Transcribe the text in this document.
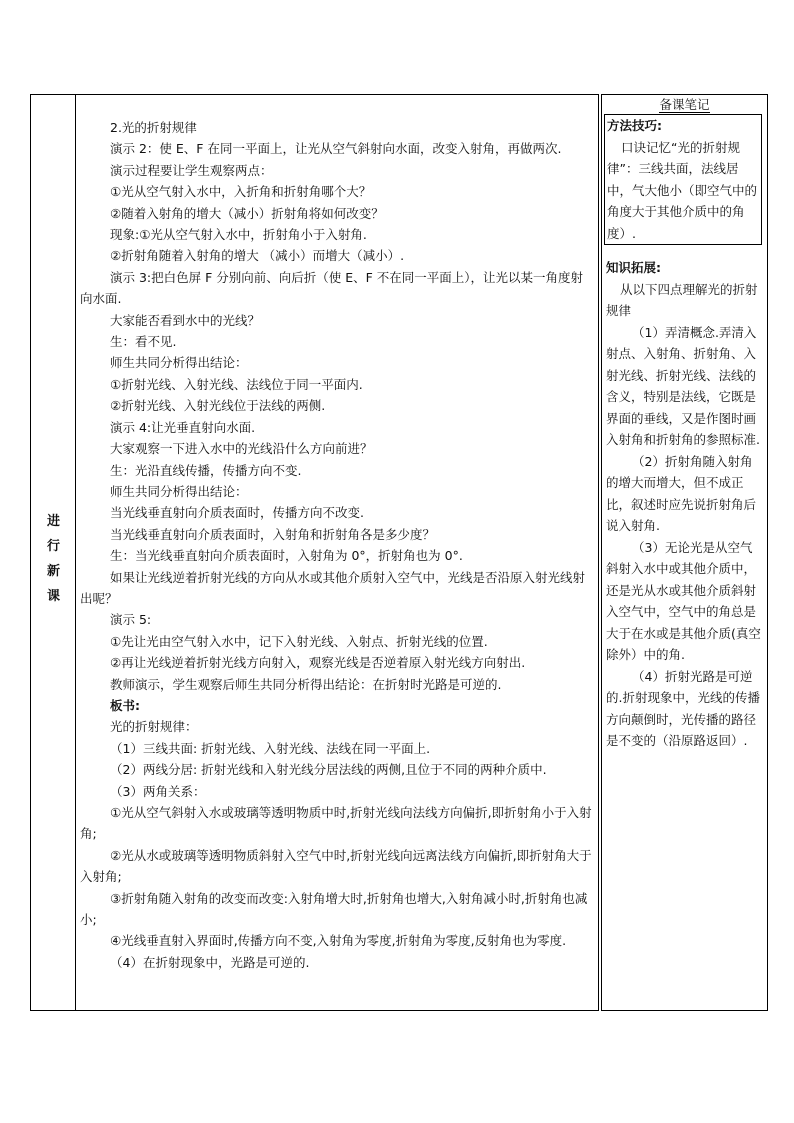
进
行
新
课

2.光的折射规律

演示 2：使 E、F 在同一平面上，让光从空气斜射向水面，改变入射角，再做两次.

演示过程要让学生观察两点：

①光从空气射入水中，入折角和折射角哪个大？

②随着入射角的增大（减小）折射角将如何改变？

现象:①光从空气射入水中，折射角小于入射角.

②折射角随着入射角的增大 （减小）而增大（减小）.

演示 3:把白色屏 F 分别向前、向后折（使 E、F 不在同一平面上），让光以某一角度射向水面.

大家能否看到水中的光线？

生：看不见.

师生共同分析得出结论：

①折射光线、入射光线、法线位于同一平面内.

②折射光线、入射光线位于法线的两侧.

演示 4:让光垂直射向水面.

大家观察一下进入水中的光线沿什么方向前进？

生：光沿直线传播，传播方向不变.

师生共同分析得出结论：

当光线垂直射向介质表面时，传播方向不改变.

当光线垂直射向介质表面时，入射角和折射角各是多少度？

生：当光线垂直射向介质表面时，入射角为 0°，折射角也为 0°.

如果让光线逆着折射光线的方向从水或其他介质射入空气中，光线是否沿原入射光线射出呢？

演示 5:

①先让光由空气射入水中，记下入射光线、入射点、折射光线的位置.

②再让光线逆着折射光线方向射入，观察光线是否逆着原入射光线方向射出.

教师演示，学生观察后师生共同分析得出结论：在折射时光路是可逆的.

板书:

光的折射规律：

（1）三线共面: 折射光线、入射光线、法线在同一平面上.

（2）两线分居: 折射光线和入射光线分居法线的两侧,且位于不同的两种介质中.

（3）两角关系：

①光从空气斜射入水或玻璃等透明物质中时,折射光线向法线方向偏折,即折射角小于入射角;

②光从水或玻璃等透明物质斜射入空气中时,折射光线向远离法线方向偏折,即折射角大于入射角;

③折射角随入射角的改变而改变:入射角增大时,折射角也增大,入射角减小时,折射角也减小;

④光线垂直射入界面时,传播方向不变,入射角为零度,折射角为零度,反射角也为零度.

（4）在折射现象中，光路是可逆的.

备课笔记

方法技巧:

口诀记忆“光的折射规律”：三线共面，法线居中，气大他小（即空气中的角度大于其他介质中的角度）.

知识拓展:

从以下四点理解光的折射规律

（1）弄清概念.弄清入射点、入射角、折射角、入射光线、折射光线、法线的含义，特别是法线，它既是界面的垂线，又是作图时画入射角和折射角的参照标准.

（2）折射角随入射角的增大而增大，但不成正比，叙述时应先说折射角后说入射角.

（3）无论光是从空气斜射入水中或其他介质中，还是光从水或其他介质斜射入空气中，空气中的角总是大于在水或是其他介质(真空除外）中的角.

（4）折射光路是可逆的.折射现象中，光线的传播方向颠倒时，光传播的路径是不变的（沿原路返回）.
